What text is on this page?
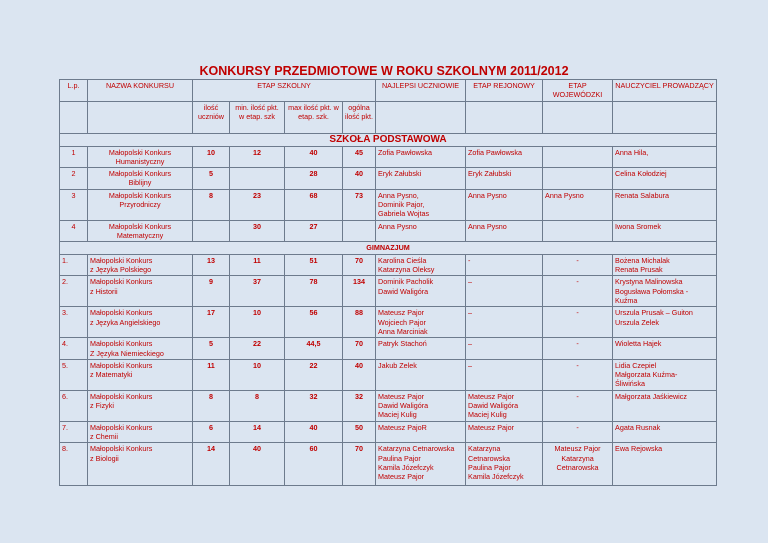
KONKURSY PRZEDMIOTOWE W ROKU SZKOLNYM 2011/2012
L.p.	NAZWA KONKURSU	ETAP SZKOLNY				NAJLEPSI UCZNIOWIE	ETAP REJONOWY	ETAP WOJEWÓDZKI	NAUCZYCIEL PROWADZĄCY
		ilość uczniów	min. ilość pkt. w etap. szk	max ilość pkt. w etap. szk.	ogólna ilość pkt.				
SZKOŁA PODSTAWOWA									
1	Małopolski Konkurs
Humanistyczny	10	12	40	45	Zofia Pawłowska	Zofia Pawłowska		Anna Hila,

2	Małopolski Konkurs
Biblijny	5		28	40	Eryk Załubski	Eryk Załubski		Celina Kołodziej

3	Małopolski Konkurs
Przyrodniczy	8	23	68	73	Anna Pysno,
Dominik Pajor,
Gabriela Wojtas	Anna Pysno	Anna Pysno	Renata Salabura

4	Małopolski Konkurs
Matematyczny		30	27		Anna Pysno	Anna Pysno		Iwona Sromek

GIMNAZJUM									
1.	Małopolski Konkurs
z Języka Polskiego	13	11	51	70	Karolina Cieśla
Katarzyna Oleksy	-	-	Bożena Michalak
Renata Prusak

2.	Małopolski Konkurs
z Historii	9	37	78	134	Dominik Pacholik
Dawid Waligóra	–	-	Krystyna Malinowska
Bogusława Połomska -
Kuźma

3.	Małopolski Konkurs
z Języka Angielskiego	17	10	56	88	Mateusz Pajor
Wojciech Pajor
Anna Marciniak	–	-	Urszula Prusak – Guiton
Urszula Zelek

4.	Małopolski Konkurs
Z Języka Niemieckiego	5	22	44,5	70	Patryk Stachoń	–	-	Wioletta Hajek

5.	Małopolski Konkurs
z Matematyki	11	10	22	40	Jakub Zelek	–	-	Lidia Czepiel
Małgorzata Kuźma-
Śliwińska

6.	Małopolski Konkurs
z Fizyki	8	8	32	32	Mateusz Pajor
Dawid Waligóra
Maciej Kulig	Mateusz Pajor
Dawid Waligóra
Maciej Kulig	-	Małgorzata Jaśkiewicz

7.	Małopolski Konkurs
z Chemii	6	14	40	50	Mateusz PajoR	Mateusz Pajor	-	Agata Rusnak

8.	Małopolski Konkurs
z Biologii	14	40	60	70	Katarzyna Cetnarowska
Paulina Pajor
Kamila Józefczyk
Mateusz Pajor	Katarzyna
Cetnarowska
Paulina Pajor
Kamila Józefczyk	Mateusz Pajor
Katarzyna
Cetnarowska	Ewa Rejowska
